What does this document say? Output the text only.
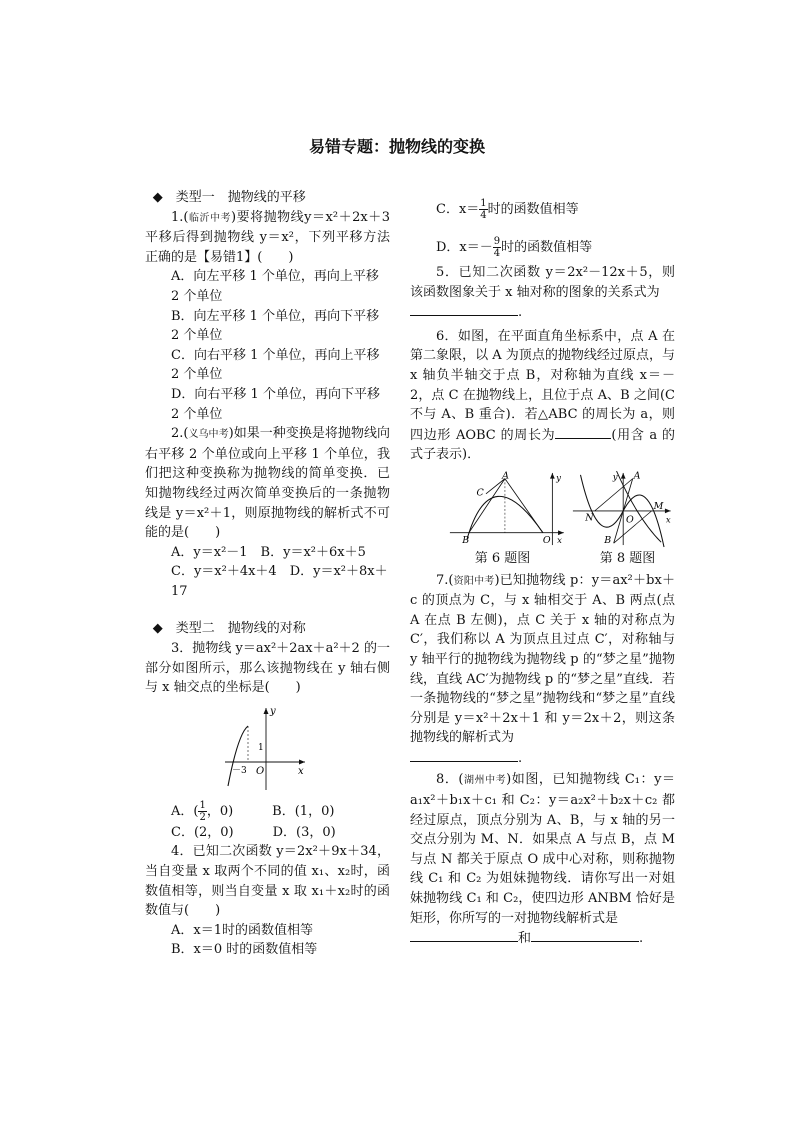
易错专题：抛物线的变换

◆　类型一　抛物线的平移

1.(临沂中考)要将抛物线y＝x²＋2x＋3平移后得到抛物线 y＝x²，下列平移方法正确的是【易错1】(　　)

A．向左平移 1 个单位，再向上平移 2 个单位

B．向左平移 1 个单位，再向下平移 2 个单位

C．向右平移 1 个单位，再向上平移 2 个单位

D．向右平移 1 个单位，再向下平移 2 个单位

2.(义乌中考)如果一种变换是将抛物线向右平移 2 个单位或向上平移 1 个单位，我们把这种变换称为抛物线的简单变换．已知抛物线经过两次简单变换后的一条抛物线是 y＝x²＋1，则原抛物线的解析式不可能的是(　　)

A．y＝x²－1　B．y＝x²＋6x＋5

C．y＝x²＋4x＋4　D．y＝x²＋8x＋17

◆　类型二　抛物线的对称

3．抛物线 y＝ax²＋2ax＋a²＋2 的一部分如图所示，那么该抛物线在 y 轴右侧与 x 轴交点的坐标是(　　)

y
x
O
1
－3

A．( $\frac{1}{2}$ ，0)　　　B．(1，0)

C．(2，0)　　　D．(3，0)

4．已知二次函数 y＝2x²＋9x＋34，当自变量 x 取两个不同的值 x₁、x₂时，函数值相等，则当自变量 x 取 x₁＋x₂时的函数值与(　　)

A．x＝1时的函数值相等

B．x＝0 时的函数值相等

C．$x= \frac{1}{4}$ 时的函数值相等

D．$x=- \frac{9}{4}$ 时的函数值相等

5．已知二次函数 y＝2x²－12x＋5，则该函数图象关于 x 轴对称的图象的关系式为
.

6．如图，在平面直角坐标系中，点 A 在第二象限，以 A 为顶点的抛物线经过原点，与 x 轴负半轴交于点 B，对称轴为直线 x＝－2，点 C 在抛物线上，且位于点 A、B 之间(C 不与 A、B 重合)．若△ABC 的周长为 a，则四边形 AOBC 的周长为	(用含 a 的式子表示)．

A
B
C
O x
y	A
B
M
N	O	x
y
第 6 题图	第 8 题图

7.(资阳中考)已知抛物线 p：y＝ax²＋bx＋c 的顶点为 C，与 x 轴相交于 A、B 两点(点 A 在点 B 左侧)，点 C 关于 x 轴的对称点为 C′，我们称以 A 为顶点且过点 C′，对称轴与 y 轴平行的抛物线为抛物线 p 的“梦之星”抛物线，直线 AC′为抛物线 p 的“梦之星”直线．若一条抛物线的“梦之星”抛物线和“梦之星”直线分别是 y＝x²＋2x＋1 和 y＝2x＋2，则这条抛物线的解析式为
.

8．(湖州中考)如图，已知抛物线 C₁：y＝a₁x²＋b₁x＋c₁ 和 C₂：y＝a₂x²＋b₂x＋c₂ 都经过原点，顶点分别为 A、B，与 x 轴的另一交点分别为 M、N．如果点 A 与点 B，点 M 与点 N 都关于原点 O 成中心对称，则称抛物线 C₁ 和 C₂ 为姐妹抛物线．请你写出一对姐妹抛物线 C₁ 和 C₂，使四边形 ANBM 恰好是矩形，你所写的一对抛物线解析式是
和	.
